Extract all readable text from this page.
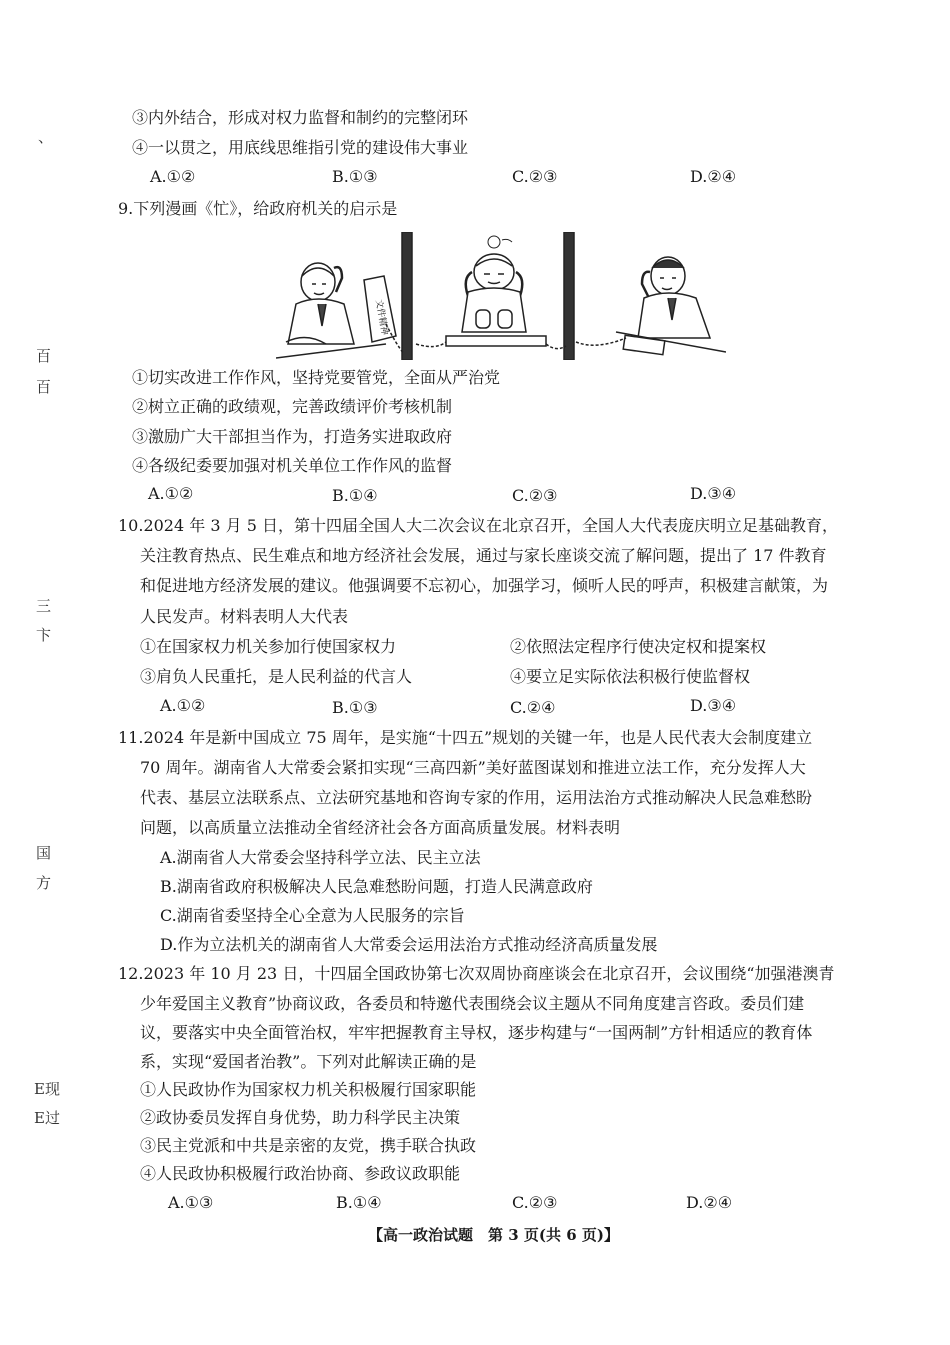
、
百
百
三
卞
国
方
E现
E过
③内外结合，形成对权力监督和制约的完整闭环
④一以贯之，用底线思维指引党的建设伟大事业
A.①②	B.①③	C.②③	D.②④
9.下列漫画《忙》，给政府机关的启示是
文件精神
①切实改进工作作风，坚持党要管党，全面从严治党
②树立正确的政绩观，完善政绩评价考核机制
③激励广大干部担当作为，打造务实进取政府
④各级纪委要加强对机关单位工作作风的监督
A.①②	B.①④	C.②③	D.③④
10.2024 年 3 月 5 日，第十四届全国人大二次会议在北京召开，全国人大代表庞庆明立足基础教育，
关注教育热点、民生难点和地方经济社会发展，通过与家长座谈交流了解问题，提出了 17 件教育
和促进地方经济发展的建议。他强调要不忘初心，加强学习，倾听人民的呼声，积极建言献策，为
人民发声。材料表明人大代表
①在国家权力机关参加行使国家权力	②依照法定程序行使决定权和提案权
③肩负人民重托，是人民利益的代言人	④要立足实际依法积极行使监督权
A.①②	B.①③	C.②④	D.③④
11.2024 年是新中国成立 75 周年，是实施“十四五”规划的关键一年，也是人民代表大会制度建立
70 周年。湖南省人大常委会紧扣实现“三高四新”美好蓝图谋划和推进立法工作，充分发挥人大
代表、基层立法联系点、立法研究基地和咨询专家的作用，运用法治方式推动解决人民急难愁盼
问题，以高质量立法推动全省经济社会各方面高质量发展。材料表明
A.湖南省人大常委会坚持科学立法、民主立法
B.湖南省政府积极解决人民急难愁盼问题，打造人民满意政府
C.湖南省委坚持全心全意为人民服务的宗旨
D.作为立法机关的湖南省人大常委会运用法治方式推动经济高质量发展
12.2023 年 10 月 23 日，十四届全国政协第七次双周协商座谈会在北京召开，会议围绕“加强港澳青
少年爱国主义教育”协商议政，各委员和特邀代表围绕会议主题从不同角度建言咨政。委员们建
议，要落实中央全面管治权，牢牢把握教育主导权，逐步构建与“一国两制”方针相适应的教育体
系，实现“爱国者治教”。下列对此解读正确的是
①人民政协作为国家权力机关积极履行国家职能
②政协委员发挥自身优势，助力科学民主决策
③民主党派和中共是亲密的友党，携手联合执政
④人民政协积极履行政治协商、参政议政职能
A.①③	B.①④	C.②③	D.②④
【高一政治试题　第 3 页(共 6 页)】
